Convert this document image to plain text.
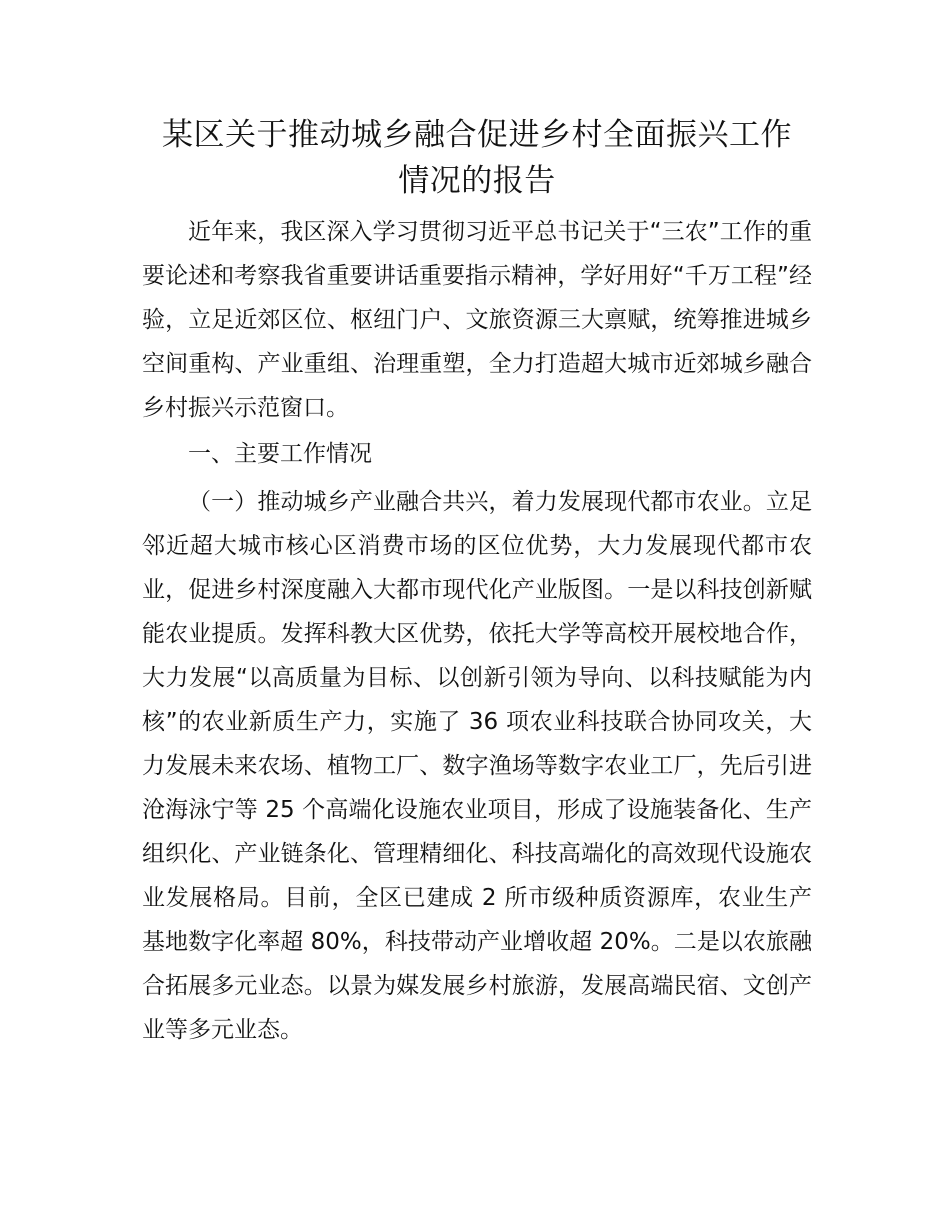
某区关于推动城乡融合促进乡村全面振兴工作
情况的报告

近年来，我区深入学习贯彻习近平总书记关于“三农”工作的重要论述和考察我省重要讲话重要指示精神，学好用好“千万工程”经验，立足近郊区位、枢纽门户、文旅资源三大禀赋，统筹推进城乡空间重构、产业重组、治理重塑，全力打造超大城市近郊城乡融合乡村振兴示范窗口。

一、主要工作情况

（一）推动城乡产业融合共兴，着力发展现代都市农业。立足邻近超大城市核心区消费市场的区位优势，大力发展现代都市农业，促进乡村深度融入大都市现代化产业版图。一是以科技创新赋能农业提质。发挥科教大区优势，依托大学等高校开展校地合作，大力发展“以高质量为目标、以创新引领为导向、以科技赋能为内核”的农业新质生产力，实施了 36 项农业科技联合协同攻关，大力发展未来农场、植物工厂、数字渔场等数字农业工厂，先后引进沧海泳宁等 25 个高端化设施农业项目，形成了设施装备化、生产组织化、产业链条化、管理精细化、科技高端化的高效现代设施农业发展格局。目前，全区已建成 2 所市级种质资源库，农业生产基地数字化率超 80%，科技带动产业增收超 20%。二是以农旅融合拓展多元业态。以景为媒发展乡村旅游，发展高端民宿、文创产业等多元业态。
